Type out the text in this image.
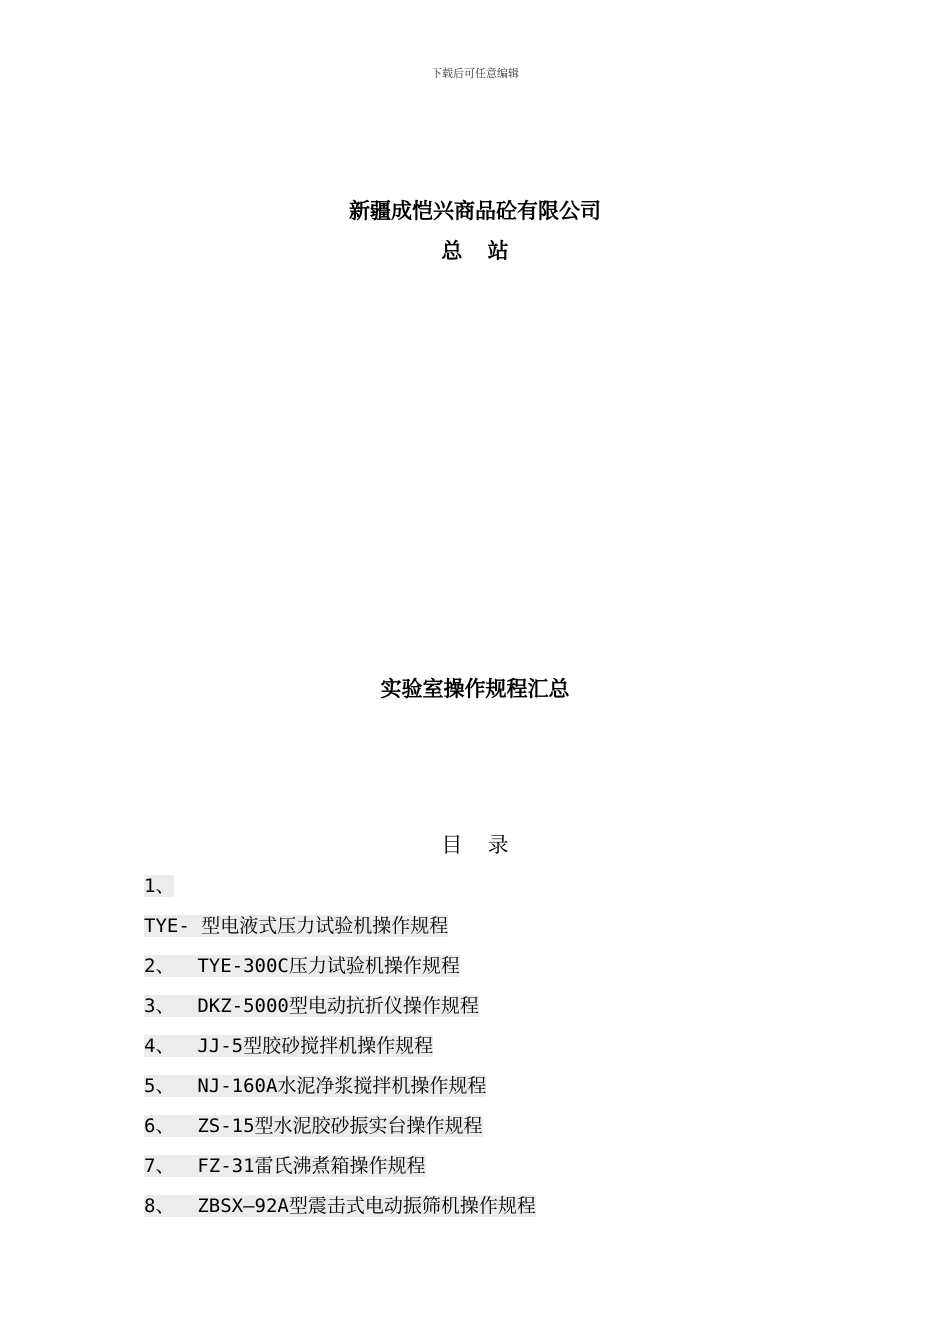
下载后可任意编辑
新疆成恺兴商品砼有限公司
总站
实验室操作规程汇总
目录
1、
TYE- 型电液式压力试验机操作规程
2、  TYE-300C压力试验机操作规程
3、  DKZ-5000型电动抗折仪操作规程
4、  JJ-5型胶砂搅拌机操作规程
5、  NJ-160A水泥净浆搅拌机操作规程
6、  ZS-15型水泥胶砂振实台操作规程
7、  FZ-31雷氏沸煮箱操作规程
8、  ZBSX—92A型震击式电动振筛机操作规程
